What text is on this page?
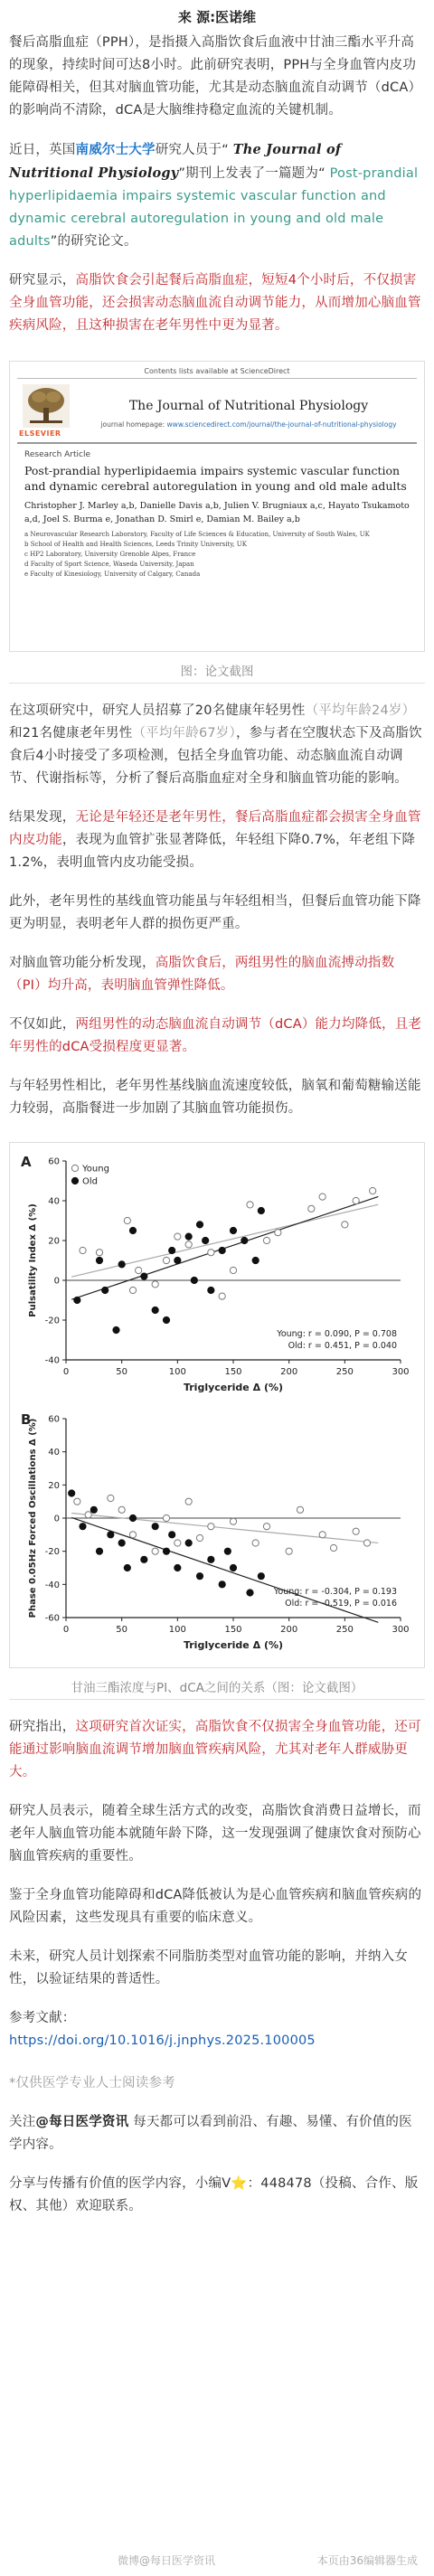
来 源:医诺维
餐后高脂血症（PPH），是指摄入高脂饮食后血液中甘油三酯水平升高的现象，持续时间可达8小时。此前研究表明，PPH与全身血管内皮功能障碍相关，但其对脑血管功能，尤其是动态脑血流自动调节（dCA）的影响尚不清除，dCA是大脑维持稳定血流的关键机制。
近日，英国南威尔士大学研究人员于“ The Journal of Nutritional Physiology”期刊上发表了一篇题为“ Post-prandial hyperlipidaemia impairs systemic vascular function and dynamic cerebral autoregulation in young and old male adults”的研究论文。
研究显示，高脂饮食会引起餐后高脂血症，短短4个小时后，不仅损害全身血管功能，还会损害动态脑血流自动调节能力，从而增加心脑血管疾病风险，且这种损害在老年男性中更为显著。
Contents lists available at ScienceDirect
ELSEVIER
The Journal of Nutritional Physiology
journal homepage: www.sciencedirect.com/journal/the-journal-of-nutritional-physiology
Research Article
Post-prandial hyperlipidaemia impairs systemic vascular function and dynamic cerebral autoregulation in young and old male adults
Christopher J. Marley a,b, Danielle Davis a,b, Julien V. Brugniaux a,c, Hayato Tsukamoto a,d, Joel S. Burma e, Jonathan D. Smirl e, Damian M. Bailey a,b
a Neurovascular Research Laboratory, Faculty of Life Sciences & Education, University of South Wales, UK
b School of Health and Health Sciences, Leeds Trinity University, UK
c HP2 Laboratory, University Grenoble Alpes, France
d Faculty of Sport Science, Waseda University, Japan
e Faculty of Kinesiology, University of Calgary, Canada
图：论文截图
在这项研究中，研究人员招募了20名健康年轻男性（平均年龄24岁）和21名健康老年男性（平均年龄67岁），参与者在空腹状态下及高脂饮食后4小时接受了多项检测，包括全身血管功能、动态脑血流自动调节、代谢指标等，分析了餐后高脂血症对全身和脑血管功能的影响。
结果发现，无论是年轻还是老年男性，餐后高脂血症都会损害全身血管内皮功能，表现为血管扩张显著降低，年轻组下降0.7%，年老组下降1.2%，表明血管内皮功能受损。
此外，老年男性的基线血管功能虽与年轻组相当，但餐后血管功能下降更为明显，表明老年人群的损伤更严重。
对脑血管功能分析发现，高脂饮食后，两组男性的脑血流搏动指数（PI）均升高，表明脑血管弹性降低。
不仅如此，两组男性的动态脑血流自动调节（dCA）能力均降低，且老年男性的dCA受损程度更显著。
与年轻男性相比，老年男性基线脑血流速度较低，脑氧和葡萄糖输送能力较弱，高脂餐进一步加剧了其脑血管功能损伤。
A
-40
-20
0
20
40
60
0	50	100	150	200	250	300
Triglyceride Δ (%)
Pulsatility Index Δ (%)
Young
Old
Young: r = 0.090, P = 0.708
Old: r = 0.451, P = 0.040
B
-60
-40
-20
0
20
40
60
0	50	100	150	200	250	300
Triglyceride Δ (%)
Phase 0.05Hz Forced Oscillations Δ (%)	Young: r = -0.304, P = 0.193
Old: r = -0.519, P = 0.016
甘油三酯浓度与PI、dCA之间的关系（图：论文截图）
研究指出，这项研究首次证实，高脂饮食不仅损害全身血管功能，还可能通过影响脑血流调节增加脑血管疾病风险，尤其对老年人群威胁更大。
研究人员表示，随着全球生活方式的改变，高脂饮食消费日益增长，而老年人脑血管功能本就随年龄下降，这一发现强调了健康饮食对预防心脑血管疾病的重要性。
鉴于全身血管功能障碍和dCA降低被认为是心血管疾病和脑血管疾病的风险因素，这些发现具有重要的临床意义。
未来，研究人员计划探索不同脂肪类型对血管功能的影响，并纳入女性，以验证结果的普适性。
参考文献：
https://doi.org/10.1016/j.jnphys.2025.100005
*仅供医学专业人士阅读参考
关注@每日医学资讯 每天都可以看到前沿、有趣、易懂、有价值的医学内容。
分享与传播有价值的医学内容，小编V⭐：448478（投稿、合作、版权、其他）欢迎联系。
微博@每日医学资讯	本页由36编辑器生成
